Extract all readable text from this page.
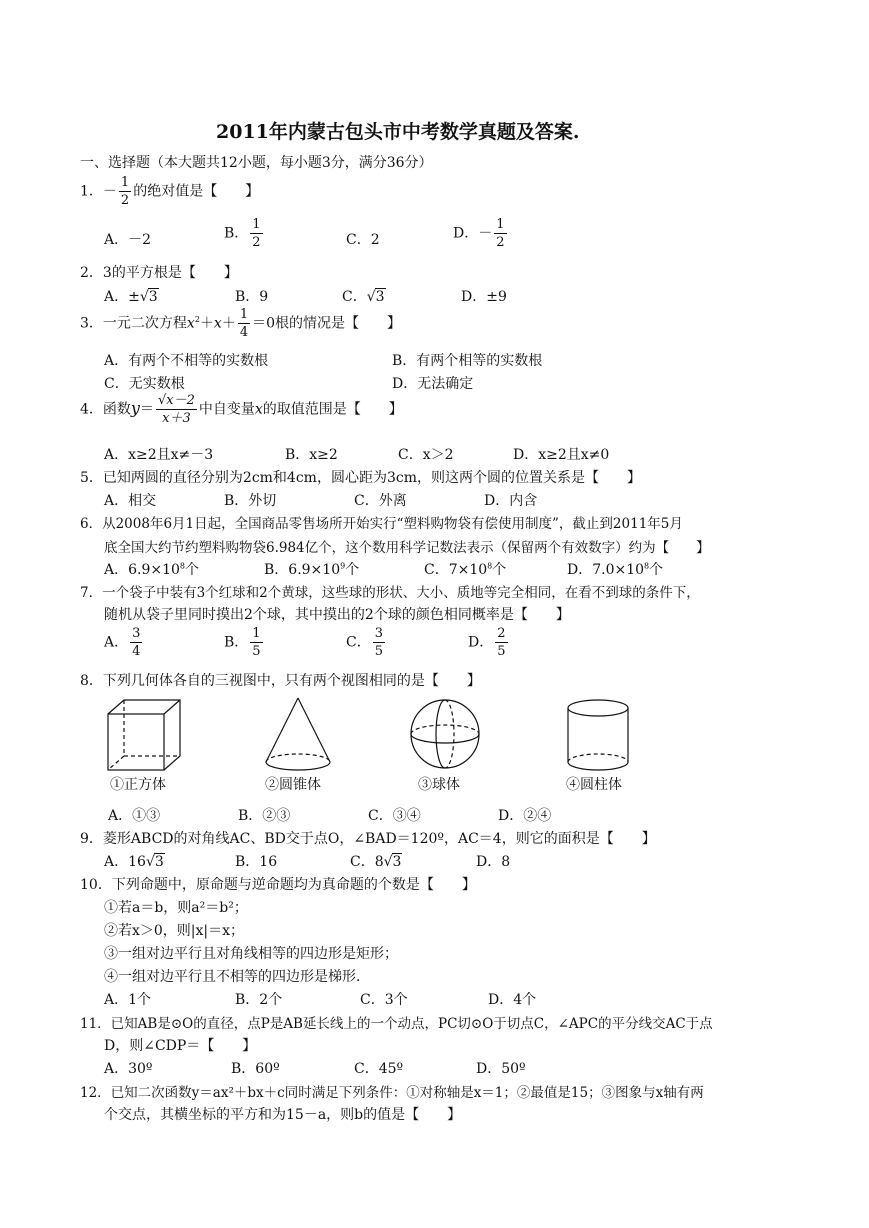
2011年内蒙古包头市中考数学真题及答案.
一、选择题（本大题共12小题，每小题3分，满分36分）
1．－ $\frac{1}{2}$ 的绝对值是【　　】
A．－2	B． $\frac{1}{2}$	C．2	D．－ $\frac{1}{2}$
2．3的平方根是【　　】
A．±√3	B．9	C．√3	D．±9
3．一元二次方程$x^2+x+ \frac{1}{4} =0$根的情况是【　　】
A．有两个不相等的实数根	B．有两个相等的实数根
C．无实数根	D．无法确定
4．函数$y= \frac{√x-2}{x+3}$ 中自变量x的取值范围是【　　】
A．x≥2且x≠－3	B．x≥2	C．x＞2	D．x≥2且x≠0
5．已知两圆的直径分别为2cm和4cm，圆心距为3cm，则这两个圆的位置关系是【　　】
A．相交	B．外切	C．外离	D．内含
6．从2008年6月1日起，全国商品零售场所开始实行“塑料购物袋有偿使用制度”，截止到2011年5月
底全国大约节约塑料购物袋6.984亿个，这个数用科学记数法表示（保留两个有效数字）约为【　　】
A．$6.9\times 10^8$个	B．$6.9\times 10^9$个	C．$7\times 10^8$个	D．$7.0\times 10^8$个
7．一个袋子中装有3个红球和2个黄球，这些球的形状、大小、质地等完全相同，在看不到球的条件下，
随机从袋子里同时摸出2个球，其中摸出的2个球的颜色相同概率是【　　】
A． $\frac{3}{4}$	B． $\frac{1}{5}$	C． $\frac{3}{5}$	D． $\frac{2}{5}$
8．下列几何体各自的三视图中，只有两个视图相同的是【　　】
①正方体	②圆锥体	③球体	④圆柱体
A．①③	B．②③	C．③④	D．②④
9．菱形ABCD的对角线AC、BD交于点O，∠BAD＝120º，AC＝4，则它的面积是【　　】
A．16√3	B．16	C．8√3	D．8
10．下列命题中，原命题与逆命题均为真命题的个数是【　　】
①若a＝b，则a²＝b²；
②若x＞0，则|x|＝x；
③一组对边平行且对角线相等的四边形是矩形；
④一组对边平行且不相等的四边形是梯形．
A．1个	B．2个	C．3个	D．4个
11．已知AB是⊙O的直径，点P是AB延长线上的一个动点，PC切⊙O于切点C，∠APC的平分线交AC于点
D，则∠CDP＝【　　】
A．30º	B．60º	C．45º	D．50º
12．已知二次函数y＝ax²＋bx＋c同时满足下列条件：①对称轴是x＝1；②最值是15；③图象与x轴有两
个交点，其横坐标的平方和为15－a，则b的值是【　　】
